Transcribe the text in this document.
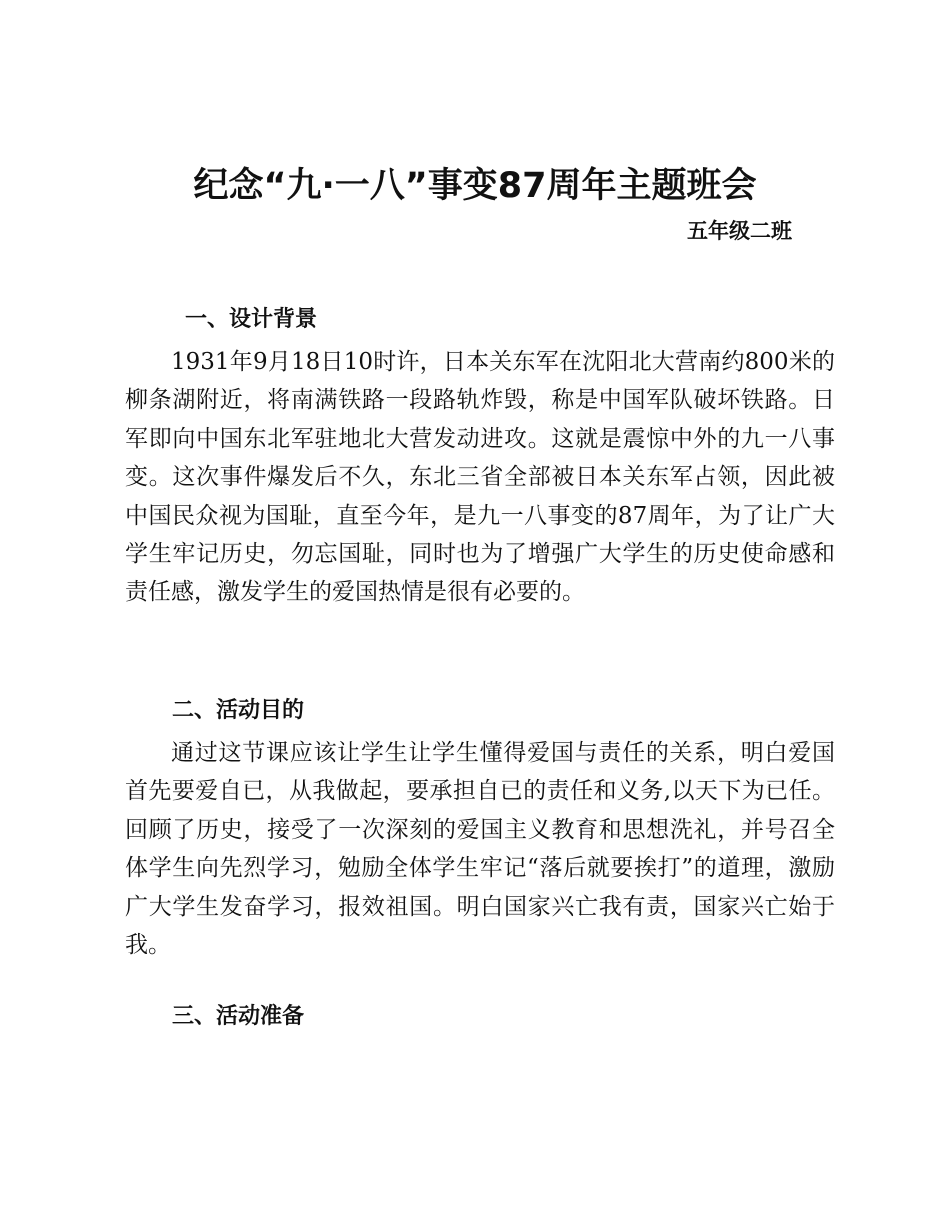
纪念“九·一八”事变87周年主题班会
五年级二班
一、设计背景

1931年9月18日10时许，日本关东军在沈阳北大营南约800米的柳条湖附近，将南满铁路一段路轨炸毁，称是中国军队破坏铁路。日军即向中国东北军驻地北大营发动进攻。这就是震惊中外的九一八事变。这次事件爆发后不久，东北三省全部被日本关东军占领，因此被中国民众视为国耻，直至今年，是九一八事变的87周年，为了让广大学生牢记历史，勿忘国耻，同时也为了增强广大学生的历史使命感和责任感，激发学生的爱国热情是很有必要的。

二、活动目的

通过这节课应该让学生让学生懂得爱国与责任的关系，明白爱国首先要爱自已，从我做起，要承担自已的责任和义务,以天下为已任。回顾了历史，接受了一次深刻的爱国主义教育和思想洗礼，并号召全体学生向先烈学习，勉励全体学生牢记“落后就要挨打”的道理，激励广大学生发奋学习，报效祖国。明白国家兴亡我有责，国家兴亡始于我。

三、活动准备
